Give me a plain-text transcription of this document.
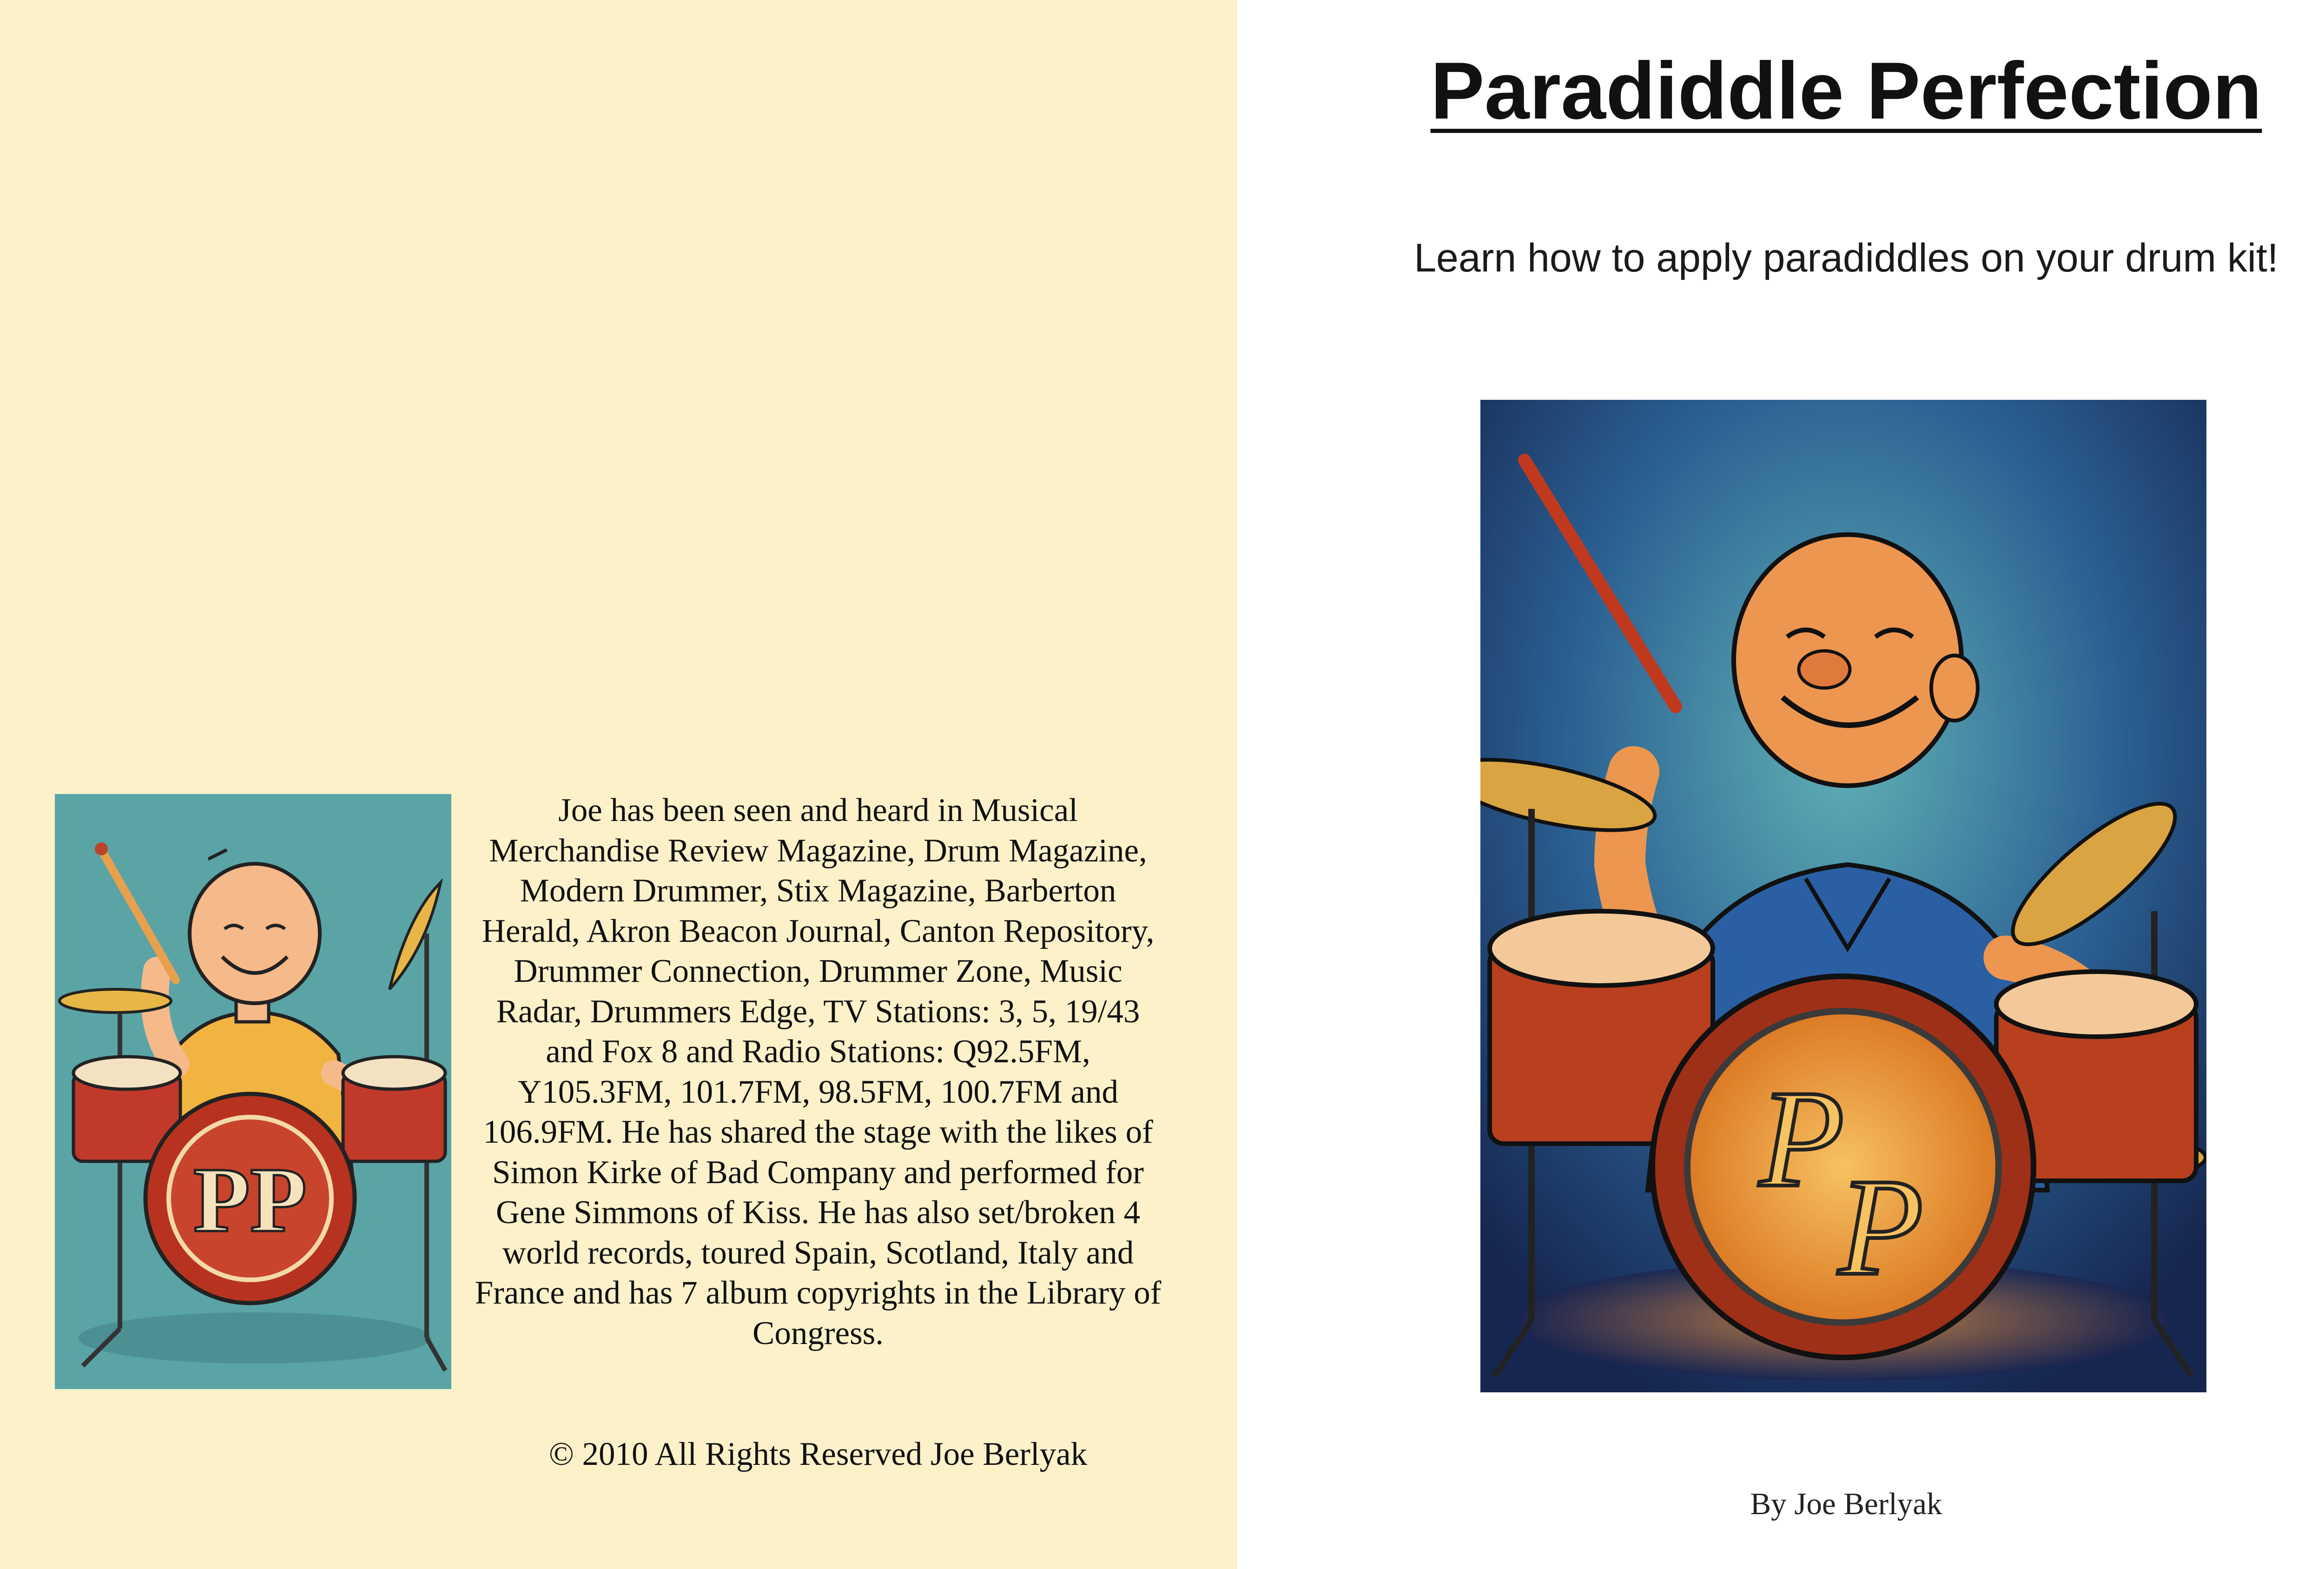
PP

Joe has been seen and heard in Musical Merchandise Review Magazine, Drum Magazine, Modern Drummer, Stix Magazine, Barberton Herald, Akron Beacon Journal, Canton Repository, Drummer Connection, Drummer Zone, Music Radar, Drummers Edge, TV Stations: 3, 5, 19/43 and Fox 8 and Radio Stations: Q92.5FM, Y105.3FM, 101.7FM, 98.5FM, 100.7FM and 106.9FM. He has shared the stage with the likes of Simon Kirke of Bad Company and performed for Gene Simmons of Kiss. He has also set/broken 4 world records, toured Spain, Scotland, Italy and France and has 7 album copyrights in the Library of Congress.

© 2010 All Rights Reserved Joe Berlyak

Paradiddle Perfection

Learn how to apply paradiddles on your drum kit!

P
P

By Joe Berlyak
